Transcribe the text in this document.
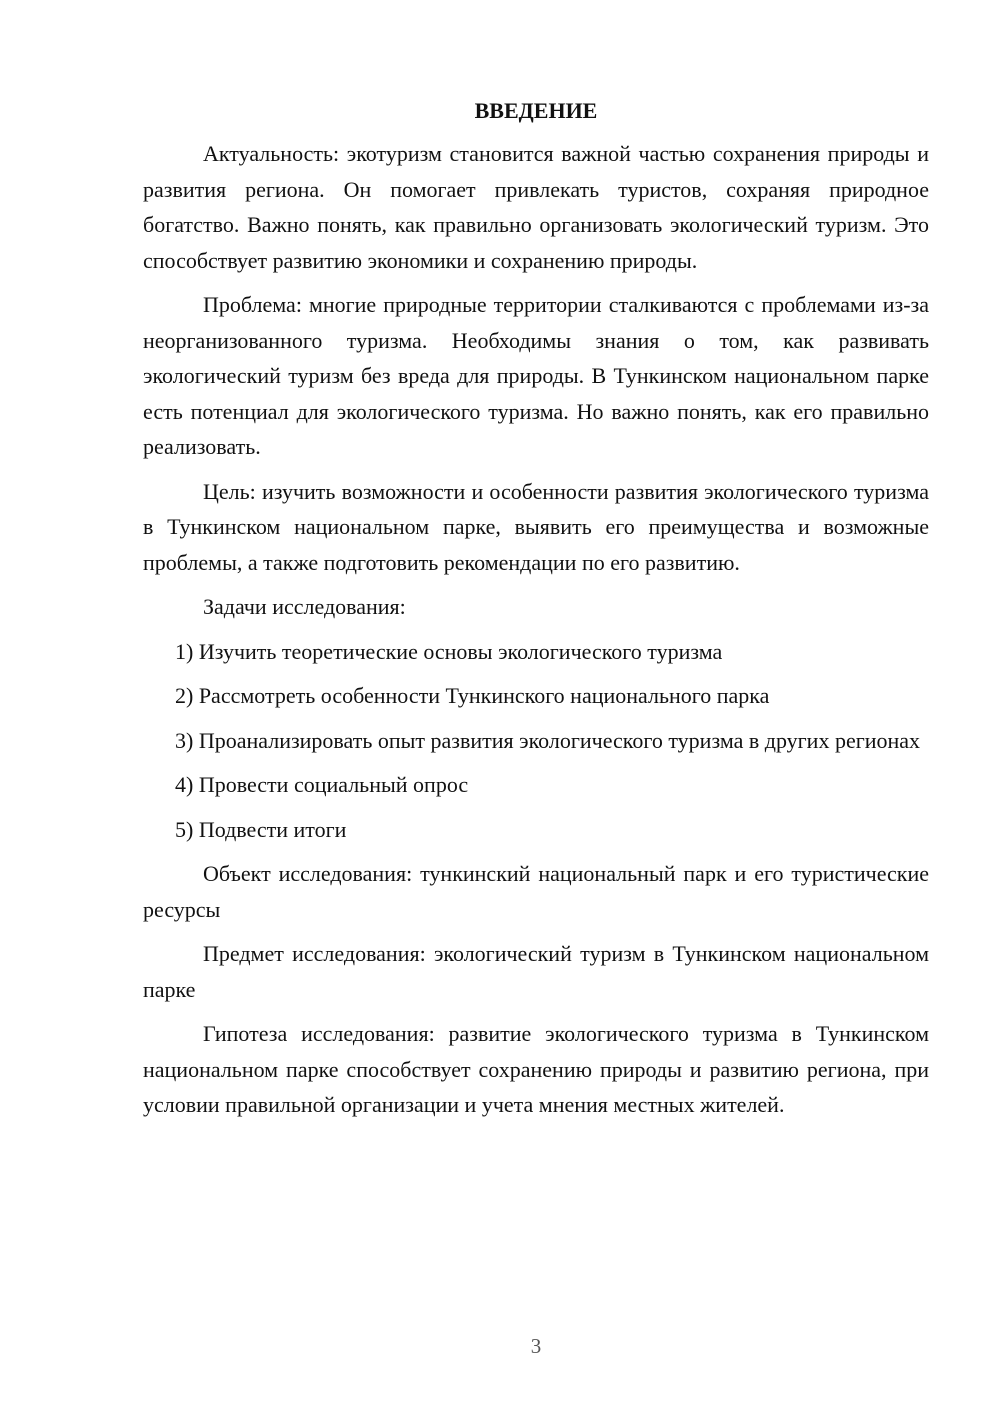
ВВЕДЕНИЕ

Актуальность: экотуризм становится важной частью сохранения природы и развития региона. Он помогает привлекать туристов, сохраняя природное богатство. Важно понять, как правильно организовать экологический туризм. Это способствует развитию экономики и сохранению природы.

Проблема: многие природные территории сталкиваются с проблемами из-за неорганизованного туризма. Необходимы знания о том, как развивать экологический туризм без вреда для природы. В Тункинском национальном парке есть потенциал для экологического туризма. Но важно понять, как его правильно реализовать.

Цель: изучить возможности и особенности развития экологического туризма в Тункинском национальном парке, выявить его преимущества и возможные проблемы, а также подготовить рекомендации по его развитию.

Задачи исследования:

1) Изучить теоретические основы экологического туризма

2) Рассмотреть особенности Тункинского национального парка

3) Проанализировать опыт развития экологического туризма в других регионах

4) Провести социальный опрос

5) Подвести итоги

Объект исследования: тункинский национальный парк и его туристические ресурсы

Предмет исследования: экологический туризм в Тункинском национальном парке

Гипотеза исследования: развитие экологического туризма в Тункинском национальном парке способствует сохранению природы и развитию региона, при условии правильной организации и учета мнения местных жителей.

3
